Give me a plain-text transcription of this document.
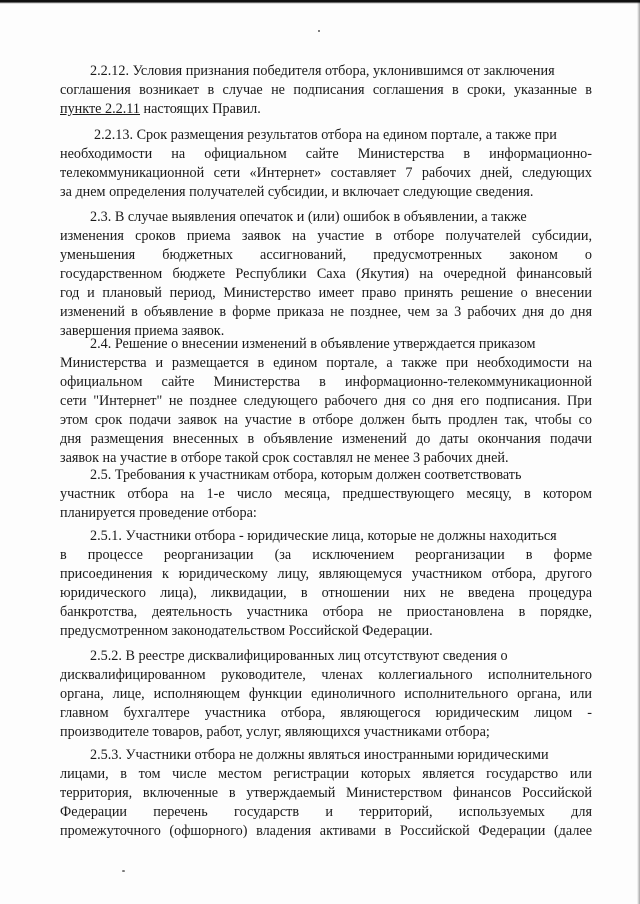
2.2.12. Условия признания победителя отбора, уклонившимся от заключения
соглашения возникает в случае не подписания соглашения в сроки, указанные в
пункте 2.2.11 настоящих Правил.
2.2.13. Срок размещения результатов отбора на едином портале, а также при
необходимости на официальном сайте Министерства в информационно-
телекоммуникационной сети «Интернет» составляет 7 рабочих дней, следующих
за днем определения получателей субсидии, и включает следующие сведения.
2.3. В случае выявления опечаток и (или) ошибок в объявлении, а также
изменения сроков приема заявок на участие в отборе получателей субсидии,
уменьшения бюджетных ассигнований, предусмотренных законом о
государственном бюджете Республики Саха (Якутия) на очередной финансовый
год и плановый период, Министерство имеет право принять решение о внесении
изменений в объявление в форме приказа не позднее, чем за 3 рабочих дня до дня
завершения приема заявок.
2.4. Решение о внесении изменений в объявление утверждается приказом
Министерства и размещается в едином портале, а также при необходимости на
официальном сайте Министерства в информационно-телекоммуникационной
сети "Интернет" не позднее следующего рабочего дня со дня его подписания. При
этом срок подачи заявок на участие в отборе должен быть продлен так, чтобы со
дня размещения внесенных в объявление изменений до даты окончания подачи
заявок на участие в отборе такой срок составлял не менее 3 рабочих дней.
2.5. Требования к участникам отбора, которым должен соответствовать
участник отбора на 1-е число месяца, предшествующего месяцу, в котором
планируется проведение отбора:
2.5.1. Участники отбора - юридические лица, которые не должны находиться
в процессе реорганизации (за исключением реорганизации в форме
присоединения к юридическому лицу, являющемуся участником отбора, другого
юридического лица), ликвидации, в отношении них не введена процедура
банкротства, деятельность участника отбора не приостановлена в порядке,
предусмотренном законодательством Российской Федерации.
2.5.2. В реестре дисквалифицированных лиц отсутствуют сведения о
дисквалифицированном руководителе, членах коллегиального исполнительного
органа, лице, исполняющем функции единоличного исполнительного органа, или
главном бухгалтере участника отбора, являющегося юридическим лицом -
производителе товаров, работ, услуг, являющихся участниками отбора;
2.5.3. Участники отбора не должны являться иностранными юридическими
лицами, в том числе местом регистрации которых является государство или
территория, включенные в утверждаемый Министерством финансов Российской
Федерации перечень государств и территорий, используемых для
промежуточного (офшорного) владения активами в Российской Федерации (далее
